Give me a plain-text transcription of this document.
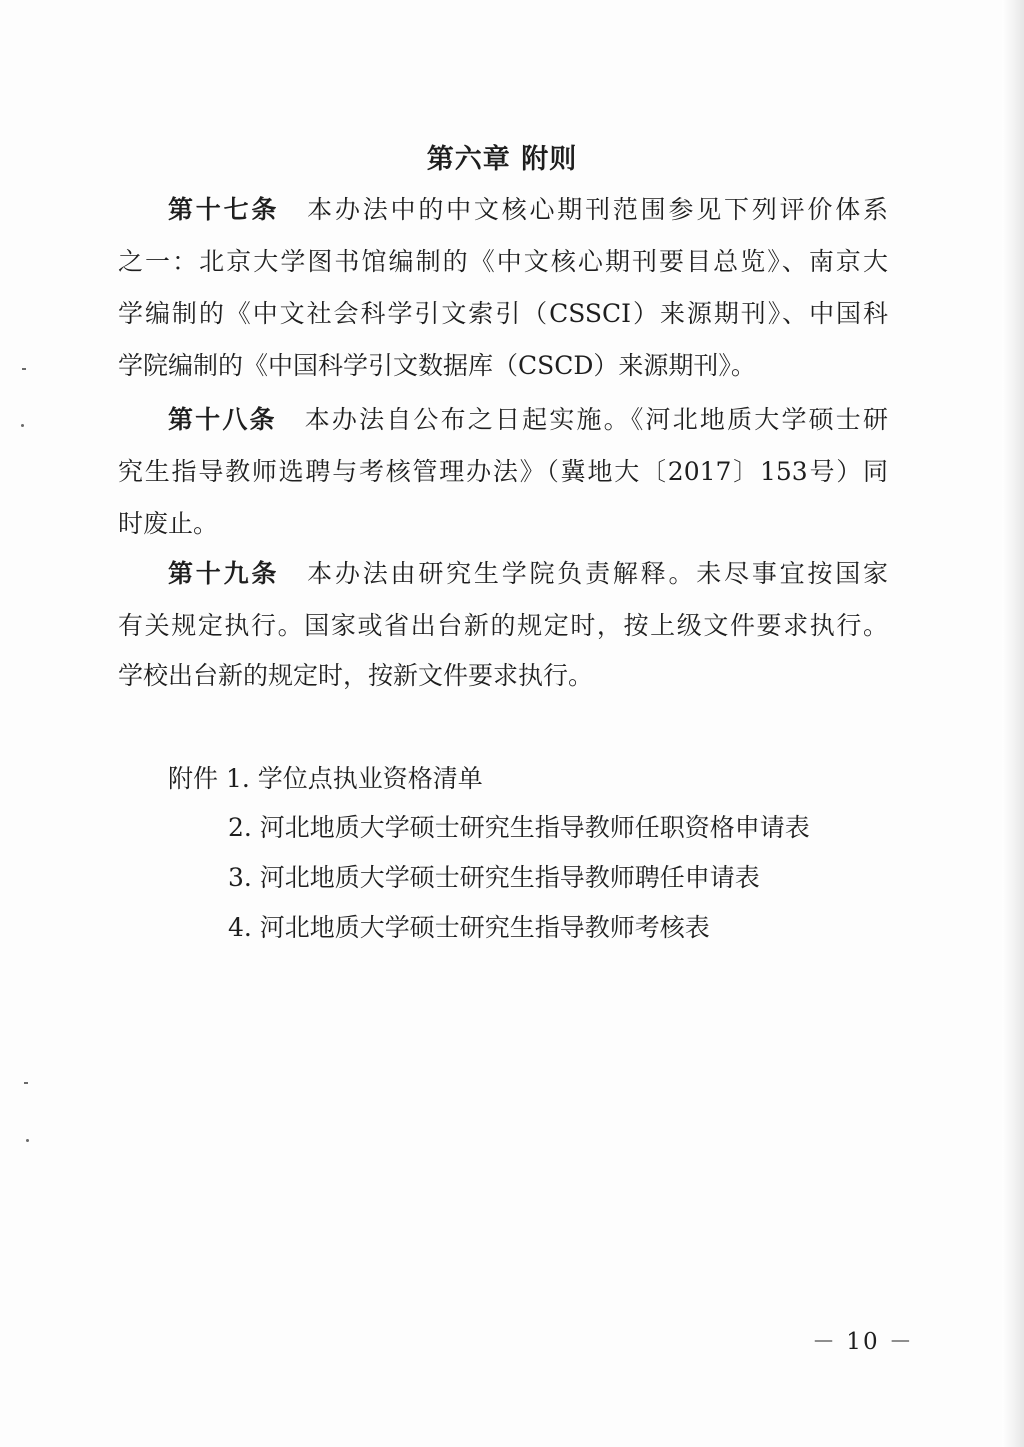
第六章 附则
第十七条 本办法中的中文核心期刊范围参见下列评价体系
之一：北京大学图书馆编制的《中文核心期刊要目总览》、南京大
学编制的《中文社会科学引文索引（CSSCI）来源期刊》、中国科
学院编制的《中国科学引文数据库（CSCD）来源期刊》。
第十八条 本办法自公布之日起实施。《河北地质大学硕士研
究生指导教师选聘与考核管理办法》（冀地大〔2017〕153号）同
时废止。
第十九条 本办法由研究生学院负责解释。未尽事宜按国家
有关规定执行。国家或省出台新的规定时，按上级文件要求执行。
学校出台新的规定时，按新文件要求执行。
附件 1. 学位点执业资格清单
2. 河北地质大学硕士研究生指导教师任职资格申请表
3. 河北地质大学硕士研究生指导教师聘任申请表
4. 河北地质大学硕士研究生指导教师考核表
－ 10 －
